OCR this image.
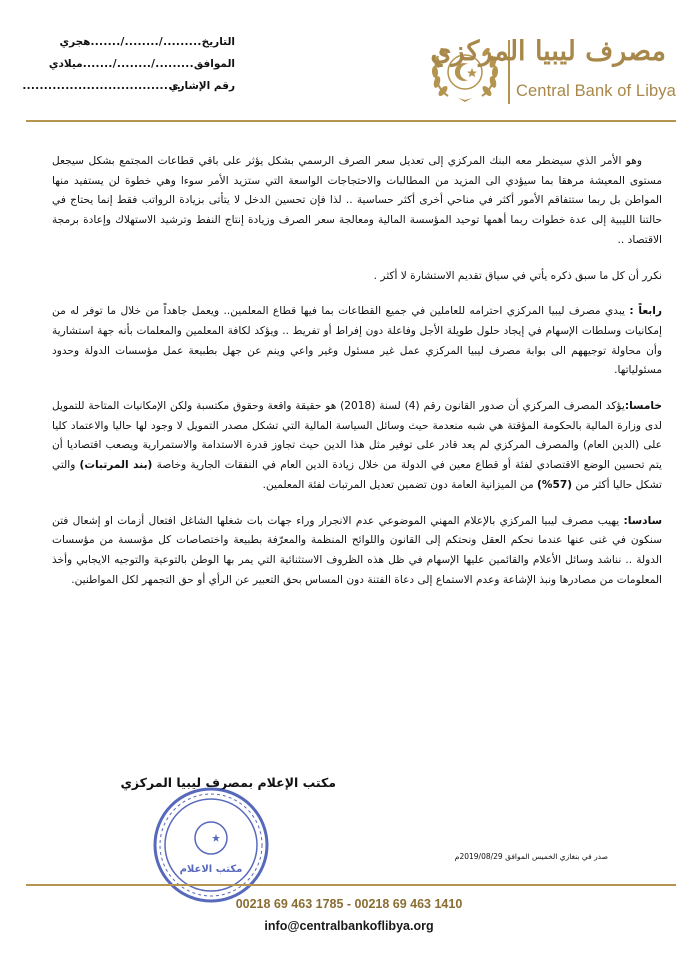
مصرف ليبيا المركزي
Central Bank of Libya
التاريخ
......./......../.........
هجري
الموافق
......./......../.........
ميلادي
رقم الإشاري
.....................................

وهو الأمر الذي سيضطر معه البنك المركزي إلى تعديل سعر الصرف الرسمي بشكل يؤثر على باقي قطاعات المجتمع بشكل سيجعل مستوى المعيشة مرهقا بما سيؤدي الى المزيد من المطالبات والاحتجاجات الواسعة التي ستزيد الأمر سوءا وهي خطوة لن يستفيد منها المواطن بل ربما ستتفاقم الأمور أكثر في مناحي أخرى أكثر حساسية .. لذا فإن تحسين الدخل لا يتأتى بزيادة الرواتب فقط إنما يحتاج في حالتنا الليبية إلى عدة خطوات ربما أهمها توحيد المؤسسة المالية ومعالجة سعر الصرف وزيادة إنتاج النفط وترشيد الاستهلاك وإعادة برمجة الاقتصاد ..

نكرر أن كل ما سبق ذكره يأتي في سياق تقديم الاستشارة لا أكثر .

رابعاً : يبدي مصرف ليبيا المركزي احترامه للعاملين في جميع القطاعات بما فيها قطاع المعلمين.. ويعمل جاهداً من خلال ما توفر له من إمكانيات وسلطات الإسهام في إيجاد حلول طويلة الأجل وفاعلة دون إفراط أو تفريط .. ويؤكد لكافة المعلمين والمعلمات بأنه جهة استشارية وأن محاولة توجيههم الى بوابة مصرف ليبيا المركزي عمل غير مسئول وغير واعي وينم عن جهل بطبيعة عمل مؤسسات الدولة وحدود مسئولياتها.

خامسا:يؤكد المصرف المركزي أن صدور القانون رقم (4) لسنة (2018) هو حقيقة واقعة وحقوق مكتسبة ولكن الإمكانيات المتاحة للتمويل لدى وزارة المالية بالحكومة المؤقتة هي شبه منعدمة حيث وسائل السياسة المالية التي تشكل مصدر التمويل لا وجود لها حاليا والاعتماد كليا على (الدين العام) والمصرف المركزي لم يعد قادر على توفير مثل هذا الدين حيث تجاوز قدرة الاستدامة والاستمرارية ويصعب اقتصاديا أن يتم تحسين الوضع الاقتصادي لفئة أو قطاع معين في الدولة من خلال زيادة الدين العام في النفقات الجارية وخاصة (بند المرتبات) والتي تشكل حاليا أكثر من (57%) من الميزانية العامة دون تضمين تعديل المرتبات لفئة المعلمين.

سادسا: يهيب مصرف ليبيا المركزي بالإعلام المهني الموضوعي عدم الانجرار وراء جهات بات شغلها الشاغل افتعال أزمات او إشعال فتن سنكون في غنى عنها عندما نحكم العقل ونحتكم إلى القانون واللوائح المنظمة والمعرّفة بطبيعة واختصاصات كل مؤسسة من مؤسسات الدولة .. نناشد وسائل الأعلام والقائمين عليها الإسهام في ظل هذه الظروف الاستثنائية التي يمر بها الوطن بالتوعية والتوجيه الايجابي وأخذ المعلومات من مصادرها ونبذ الإشاعة وعدم الاستماع إلى دعاة الفتنة دون المساس بحق التعبير عن الرأي أو حق التجمهر لكل المواطنين.

مكتب الإعلام بمصرف ليبيا المركزي
مكتب الاعلام
صدر في بنغازي الخميس الموافق 2019/08/29م
00218 69 463 1785 - 00218 69 463 1410
info@centralbankoflibya.org
